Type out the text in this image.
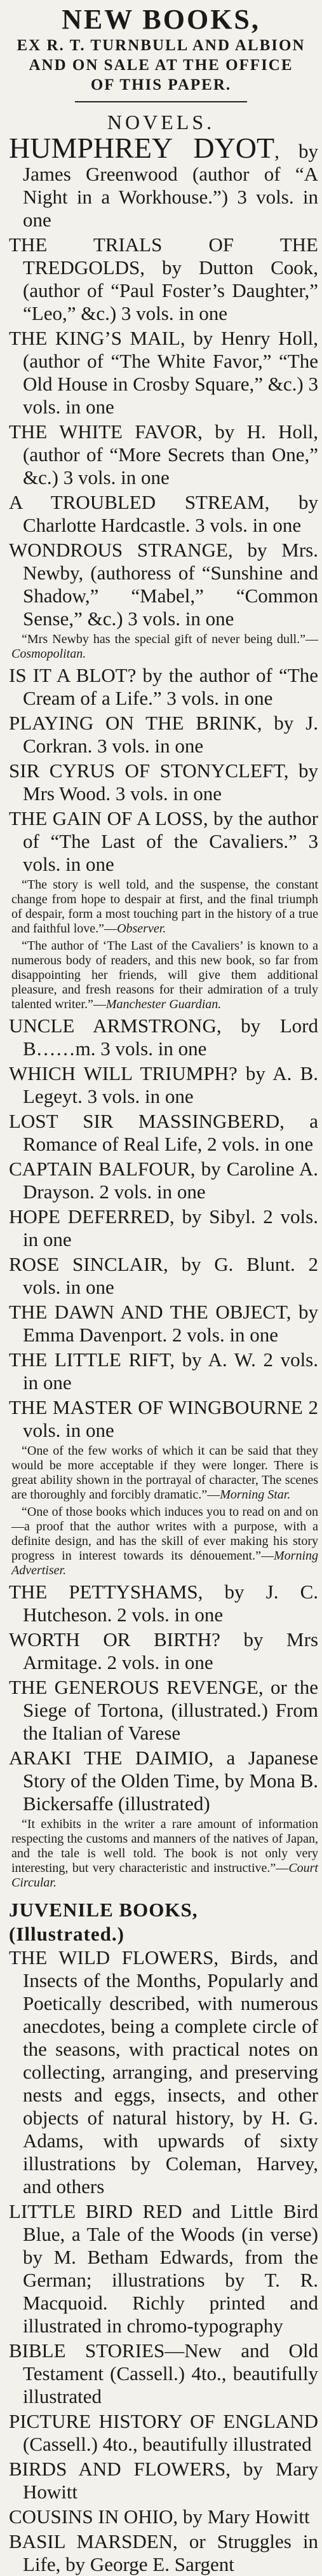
NEW BOOKS,
EX R. T. TURNBULL AND ALBION
AND ON SALE AT THE OFFICE
OF THIS PAPER.
NOVELS.
HUMPHREY DYOT, by James Greenwood (author of “A Night in a Workhouse.”) 3 vols. in one
THE TRIALS OF THE TREDGOLDS, by Dutton Cook, (author of “Paul Foster’s Daughter,” “Leo,” &c.) 3 vols. in one
THE KING’S MAIL, by Henry Holl, (author of “The White Favor,” “The Old House in Crosby Square,” &c.) 3 vols. in one
THE WHITE FAVOR, by H. Holl, (author of “More Secrets than One,” &c.) 3 vols. in one
A TROUBLED STREAM, by Charlotte Hardcastle. 3 vols. in one
WONDROUS STRANGE, by Mrs. Newby, (authoress of “Sunshine and Shadow,” “Mabel,” “Common Sense,” &c.) 3 vols. in one
“Mrs Newby has the special gift of never being dull.”—Cosmopolitan.
IS IT A BLOT? by the author of “The Cream of a Life.” 3 vols. in one
PLAYING ON THE BRINK, by J. Corkran. 3 vols. in one
SIR CYRUS OF STONYCLEFT, by Mrs Wood. 3 vols. in one
THE GAIN OF A LOSS, by the author of “The Last of the Cavaliers.” 3 vols. in one
“The story is well told, and the suspense, the constant change from hope to despair at first, and the final triumph of despair, form a most touching part in the history of a true and faithful love.”—Observer.
“The author of ‘The Last of the Cavaliers’ is known to a numerous body of readers, and this new book, so far from disappointing her friends, will give them additional pleasure, and fresh reasons for their admiration of a truly talented writer.”—Manchester Guardian.
UNCLE ARMSTRONG, by Lord B……m. 3 vols. in one
WHICH WILL TRIUMPH? by A. B. Legeyt. 3 vols. in one
LOST SIR MASSINGBERD, a Romance of Real Life, 2 vols. in one
CAPTAIN BALFOUR, by Caroline A. Drayson. 2 vols. in one
HOPE DEFERRED, by Sibyl. 2 vols. in one
ROSE SINCLAIR, by G. Blunt. 2 vols. in one
THE DAWN AND THE OBJECT, by Emma Davenport. 2 vols. in one
THE LITTLE RIFT, by A. W. 2 vols. in one
THE MASTER OF WINGBOURNE 2 vols. in one
“One of the few works of which it can be said that they would be more acceptable if they were longer. There is great ability shown in the portrayal of character, The scenes are thoroughly and forcibly dramatic.”—Morning Star.
“One of those books which induces you to read on and on—a proof that the author writes with a purpose, with a definite design, and has the skill of ever making his story progress in interest towards its dénouement.”—Morning Advertiser.
THE PETTYSHAMS, by J. C. Hutcheson. 2 vols. in one
WORTH OR BIRTH? by Mrs Armitage. 2 vols. in one
THE GENEROUS REVENGE, or the Siege of Tortona, (illustrated.) From the Italian of Varese
ARAKI THE DAIMIO, a Japanese Story of the Olden Time, by Mona B. Bickersaffe (illustrated)
“It exhibits in the writer a rare amount of information respecting the customs and manners of the natives of Japan, and the tale is well told. The book is not only very interesting, but very characteristic and instructive.”—Court Circular.
JUVENILE BOOKS, (Illustrated.)
THE WILD FLOWERS, Birds, and Insects of the Months, Popularly and Poetically described, with numerous anecdotes, being a complete circle of the seasons, with practical notes on collecting, arranging, and preserving nests and eggs, insects, and other objects of natural history, by H. G. Adams, with upwards of sixty illustrations by Coleman, Harvey, and others
LITTLE BIRD RED and Little Bird Blue, a Tale of the Woods (in verse) by M. Betham Edwards, from the German; illustrations by T. R. Macquoid. Richly printed and illustrated in chromo-typography
BIBLE STORIES—New and Old Testament (Cassell.) 4to., beautifully illustrated
PICTURE HISTORY OF ENGLAND (Cassell.) 4to., beautifully illustrated
BIRDS AND FLOWERS, by Mary Howitt
COUSINS IN OHIO, by Mary Howitt
BASIL MARSDEN, or Struggles in Life, by George E. Sargent
